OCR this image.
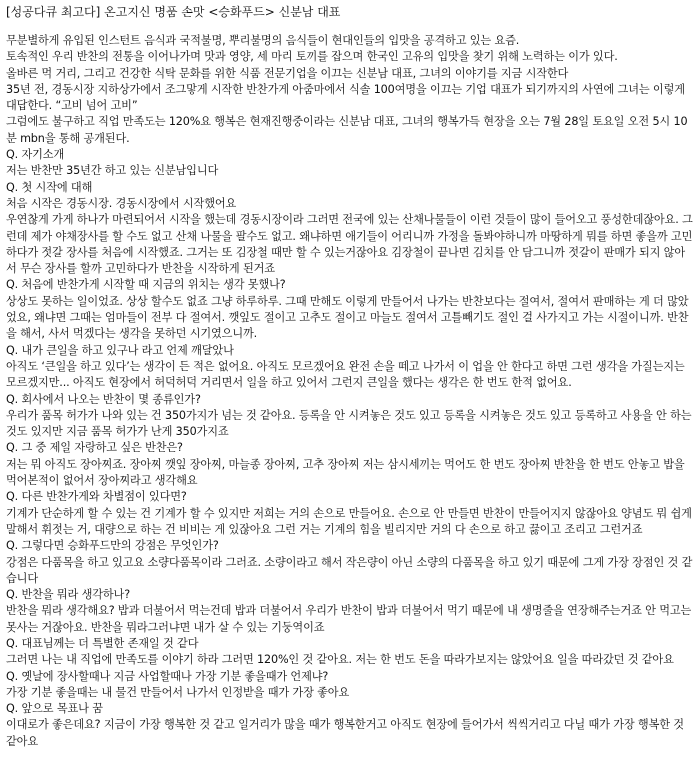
[성공다큐 최고다] 온고지신 명품 손맛 <승화푸드> 신분남 대표

무분별하게 유입된 인스턴트 음식과 국적불명, 뿌리불명의 음식들이 현대인들의 입맛을 공격하고 있는 요즘.

토속적인 우리 반찬의 전통을 이어나가며 맛과 영양, 세 마리 토끼를 잡으며 한국인 고유의 입맛을 찾기 위해 노력하는 이가 있다.

올바른 먹 거리, 그리고 건강한 식탁 문화를 위한 식품 전문기업을 이끄는 신분남 대표, 그녀의 이야기를 지금 시작한다

35년 전, 경동시장 지하상가에서 조그맣게 시작한 반찬가게 아줌마에서 식솔 100여명을 이끄는 기업 대표가 되기까지의 사연에 그녀는 이렇게 대답한다. “고비 넘어 고비”

그럼에도 불구하고 직업 만족도는 120%요 행복은 현재진행중이라는 신분남 대표, 그녀의 행복가득 현장을 오는 7월 28일 토요일 오전 5시 10분 mbn을 통해 공개된다.

Q. 자기소개

저는 반찬만 35년간 하고 있는 신분남입니다

Q. 첫 시작에 대해

처음 시작은 경동시장. 경동시장에서 시작했어요

우연찮게 가게 하나가 마련되어서 시작을 했는데 경동시장이라 그러면 전국에 있는 산채나물들이 이런 것들이 많이 들어오고 풍성한데잖아요. 그런데 제가 야채장사를 할 수도 없고 산채 나물을 팔수도 없고. 왜냐하면 애기들이 어리니까 가정을 돌봐야하니까 마땅하게 뭐를 하면 좋을까 고민 하다가 젓갈 장사를 처음에 시작했죠. 그거는 또 김장철 때만 할 수 있는거잖아요 김장철이 끝나면 김치를 안 담그니까 젓갈이 판매가 되지 않아서 무슨 장사를 할까 고민하다가 반찬을 시작하게 된거죠

Q. 처음에 반찬가게 시작할 때 지금의 위치는 생각 못했나?

상상도 못하는 일이었죠. 상상 할수도 없죠 그냥 하루하루. 그때 만해도 이렇게 만들어서 나가는 반찬보다는 절여서, 절여서 판매하는 게 더 많았었요, 왜냐면 그때는 엄마들이 전부 다 절여서. 깻잎도 절이고 고추도 절이고 마늘도 절여서 고틀빼기도 절인 걸 사가지고 가는 시절이니까. 반찬을 해서, 사서 먹겠다는 생각을 못하던 시기였으니까.

Q. 내가 큰일을 하고 있구나 라고 언제 깨달았나

아직도 ‘큰일을 하고 있다’는 생각이 든 적은 없어요. 아직도 모르겠어요 완전 손을 떼고 나가서 이 업을 안 한다고 하면 그런 생각을 가질는지는 모르겠지만... 아직도 현장에서 허덕허덕 거리면서 일을 하고 있어서 그런지 큰일을 했다는 생각은 한 번도 한적 없어요.

Q. 회사에서 나오는 반찬이 몇 종류인가?

우리가 품목 허가가 나와 있는 건 350가지가 넘는 것 같아요. 등록을 안 시켜놓은 것도 있고 등록을 시켜놓은 것도 있고 등록하고 사용을 안 하는 것도 있지만 지금 품목 허가가 난게 350가지죠

Q. 그 중 제일 자랑하고 싶은 반찬은?

저는 뭐 아직도 장아찌죠. 장아찌 깻잎 장아찌, 마늘종 장아찌, 고추 장아찌 저는 삼시세끼는 먹어도 한 번도 장아찌 반찬을 한 번도 안놓고 밥을 먹어본적이 없어서 장아찌라고 생각해요

Q. 다른 반찬가게와 차별점이 있다면?

기계가 단순하게 할 수 있는 건 기계가 할 수 있지만 저희는 거의 손으로 만들어요. 손으로 안 만들면 반찬이 만들어지지 않잖아요 양념도 뭐 쉽게 말해서 휘젓는 거, 대량으로 하는 건 비비는 게 있잖아요 그런 거는 기계의 힘을 빌리지만 거의 다 손으로 하고 끓이고 조리고 그런거죠

Q. 그렇다면 승화푸드만의 강점은 무엇인가?

강점은 다품목을 하고 있고요 소량다품목이라 그러죠. 소량이라고 해서 작은량이 아닌 소량의 다품목을 하고 있기 때문에 그게 가장 장점인 것 같습니다

Q. 반찬을 뭐라 생각하나?

반찬을 뭐라 생각해요? 밥과 더불어서 먹는건데 밥과 더불어서 우리가 반찬이 밥과 더불어서 먹기 때문에 내 생명줄을 연장해주는거죠 안 먹고는 못사는 거잖아요. 반찬을 뭐라그러냐면 내가 살 수 있는 기둥역이죠

Q. 대표님께는 더 특별한 존재일 것 같다

그러면 나는 내 직업에 만족도를 이야기 하라 그러면 120%인 것 같아요. 저는 한 번도 돈을 따라가보지는 않았어요 일을 따라갔던 것 같아요

Q. 옛날에 장사할때나 지금 사업할때나 가장 기분 좋을때가 언제냐?

가장 기분 좋을때는 내 물건 만들어서 나가서 인정받을 때가 가장 좋아요

Q. 앞으로 목표나 꿈

이대로가 좋은데요? 지금이 가장 행복한 것 같고 일거리가 많을 때가 행복한거고 아직도 현장에 들어가서 씩씩거리고 다닐 때가 가장 행복한 것 같아요
